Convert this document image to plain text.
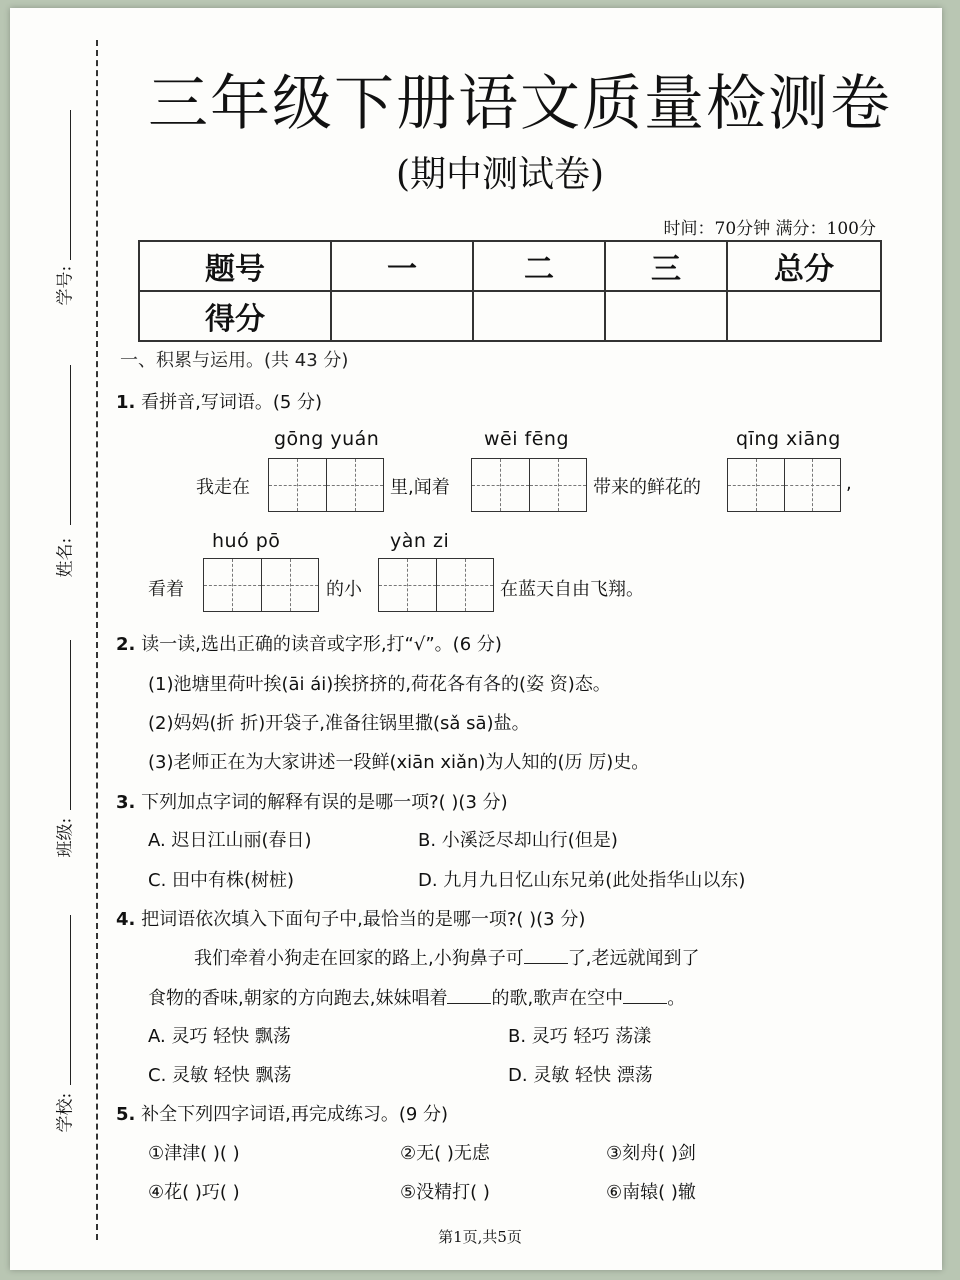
学号:
姓名:
班级:
学校:
三年级下册语文质量检测卷
(期中测试卷)
时间：70分钟 满分：100分
题号	一	二	三	总分
得分				
一、积累与运用。(共 43 分)
1. 看拼音,写词语。(5 分)
gōng yuán	wēi fēng	qīng xiāng
我走在	里,闻着	带来的鲜花的	,
huó pō	yàn zi
看着	的小	在蓝天自由飞翔。
2. 读一读,选出正确的读音或字形,打“√”。(6 分)
(1)池塘里荷叶挨(āi ái)挨挤挤的,荷花各有各的(姿 资)态。
(2)妈妈(折 折)开袋子,准备往锅里撒(sǎ sā)盐。
(3)老师正在为大家讲述一段鲜(xiān xiǎn)为人知的(历 厉)史。
3. 下列加点字词的解释有误的是哪一项?( )(3 分)
A. 迟日江山丽(春日)	B. 小溪泛尽却山行(但是)
C. 田中有株(树桩)	D. 九月九日忆山东兄弟(此处指华山以东)
4. 把词语依次填入下面句子中,最恰当的是哪一项?( )(3 分)
我们牵着小狗走在回家的路上,小狗鼻子可 了,老远就闻到了
食物的香味,朝家的方向跑去,妹妹唱着 的歌,歌声在空中 。
A. 灵巧 轻快 飘荡	B. 灵巧 轻巧 荡漾
C. 灵敏 轻快 飘荡	D. 灵敏 轻快 漂荡
5. 补全下列四字词语,再完成练习。(9 分)
①津津( )( )	②无( )无虑	③刻舟( )剑
④花( )巧( )	⑤没精打( )	⑥南辕( )辙
第1页,共5页
